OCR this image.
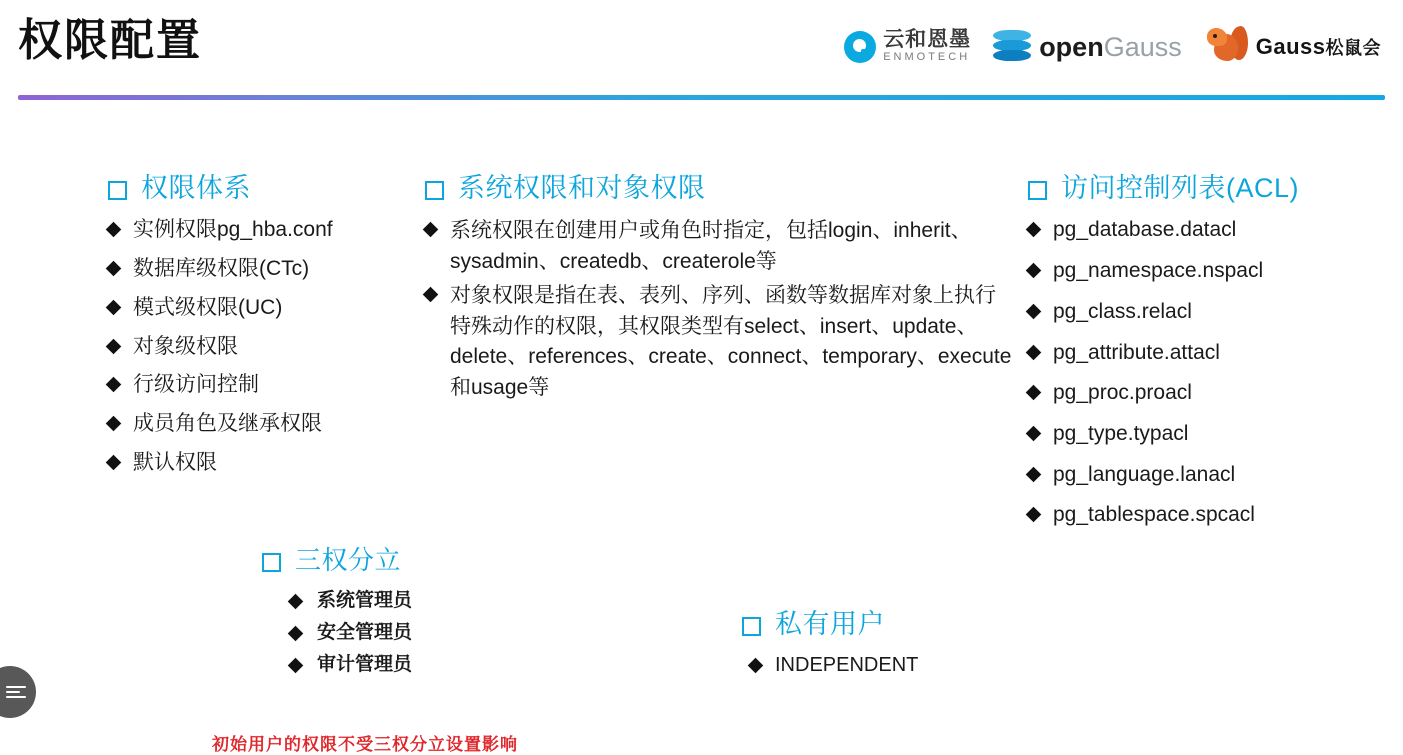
权限配置	云和恩墨
ENMOTECH	openGauss	Gauss松鼠会
权限体系
实例权限pg_hba.conf
数据库级权限(CTc)
模式级权限(UC)
对象级权限
行级访问控制
成员角色及继承权限
默认权限
系统权限和对象权限
系统权限在创建用户或角色时指定，包括login、inherit、 sysadmin、createdb、createrole等
对象权限是指在表、表列、序列、函数等数据库对象上执行特殊动作的权限，其权限类型有select、insert、update、delete、references、create、connect、temporary、execute和usage等
访问控制列表(ACL)
pg_database.datacl
pg_namespace.nspacl
pg_class.relacl
pg_attribute.attacl
pg_proc.proacl
pg_type.typacl
pg_language.lanacl
pg_tablespace.spcacl
三权分立
系统管理员
安全管理员
审计管理员
私有用户
INDEPENDENT
初始用户的权限不受三权分立设置影响
